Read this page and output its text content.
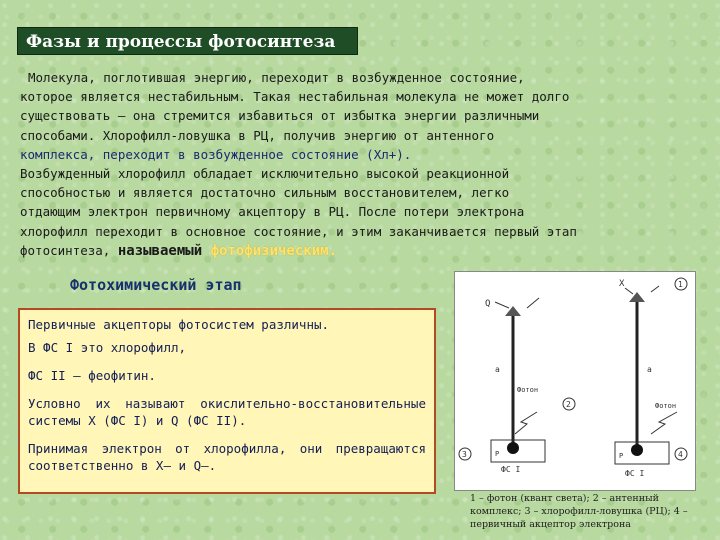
Фазы и процессы фотосинтеза
Молекула, поглотившая энергию, переходит в возбужденное состояние,
которое является нестабильным. Такая нестабильная молекула не может долго
существовать – она стремится избавиться от избытка энергии различными
способами. Хлорофилл-ловушка в РЦ, получив энергию от антенного
комплекса, переходит в возбужденное состояние (Хл+).
Возбужденный хлорофилл обладает исключительно высокой реакционной
способностью и является достаточно сильным восстановителем, легко
отдающим электрон первичному акцептору в РЦ. После потери электрона
хлорофилл переходит в основное состояние, и этим заканчивается первый этап
фотосинтеза, называемый фотофизическим.
Фотохимический этап

Первичные акцепторы фотосистем различны.

В ФС I это хлорофилл,

ФС II – феофитин.

Условно их называют окислительно-восстановительные системы X (ФС I) и Q (ФС II).

Принимая электрон от хлорофилла, они превращаются соответственно в X– и Q–.

Q
a
Фотон
Р
ФС I
X
a
Фотон
Р
ФС I
1
2
3	4
1 – фотон (квант света); 2 – антенный комплекс; 3 – хлорофилл-ловушка (РЦ); 4 – первичный акцептор электрона
